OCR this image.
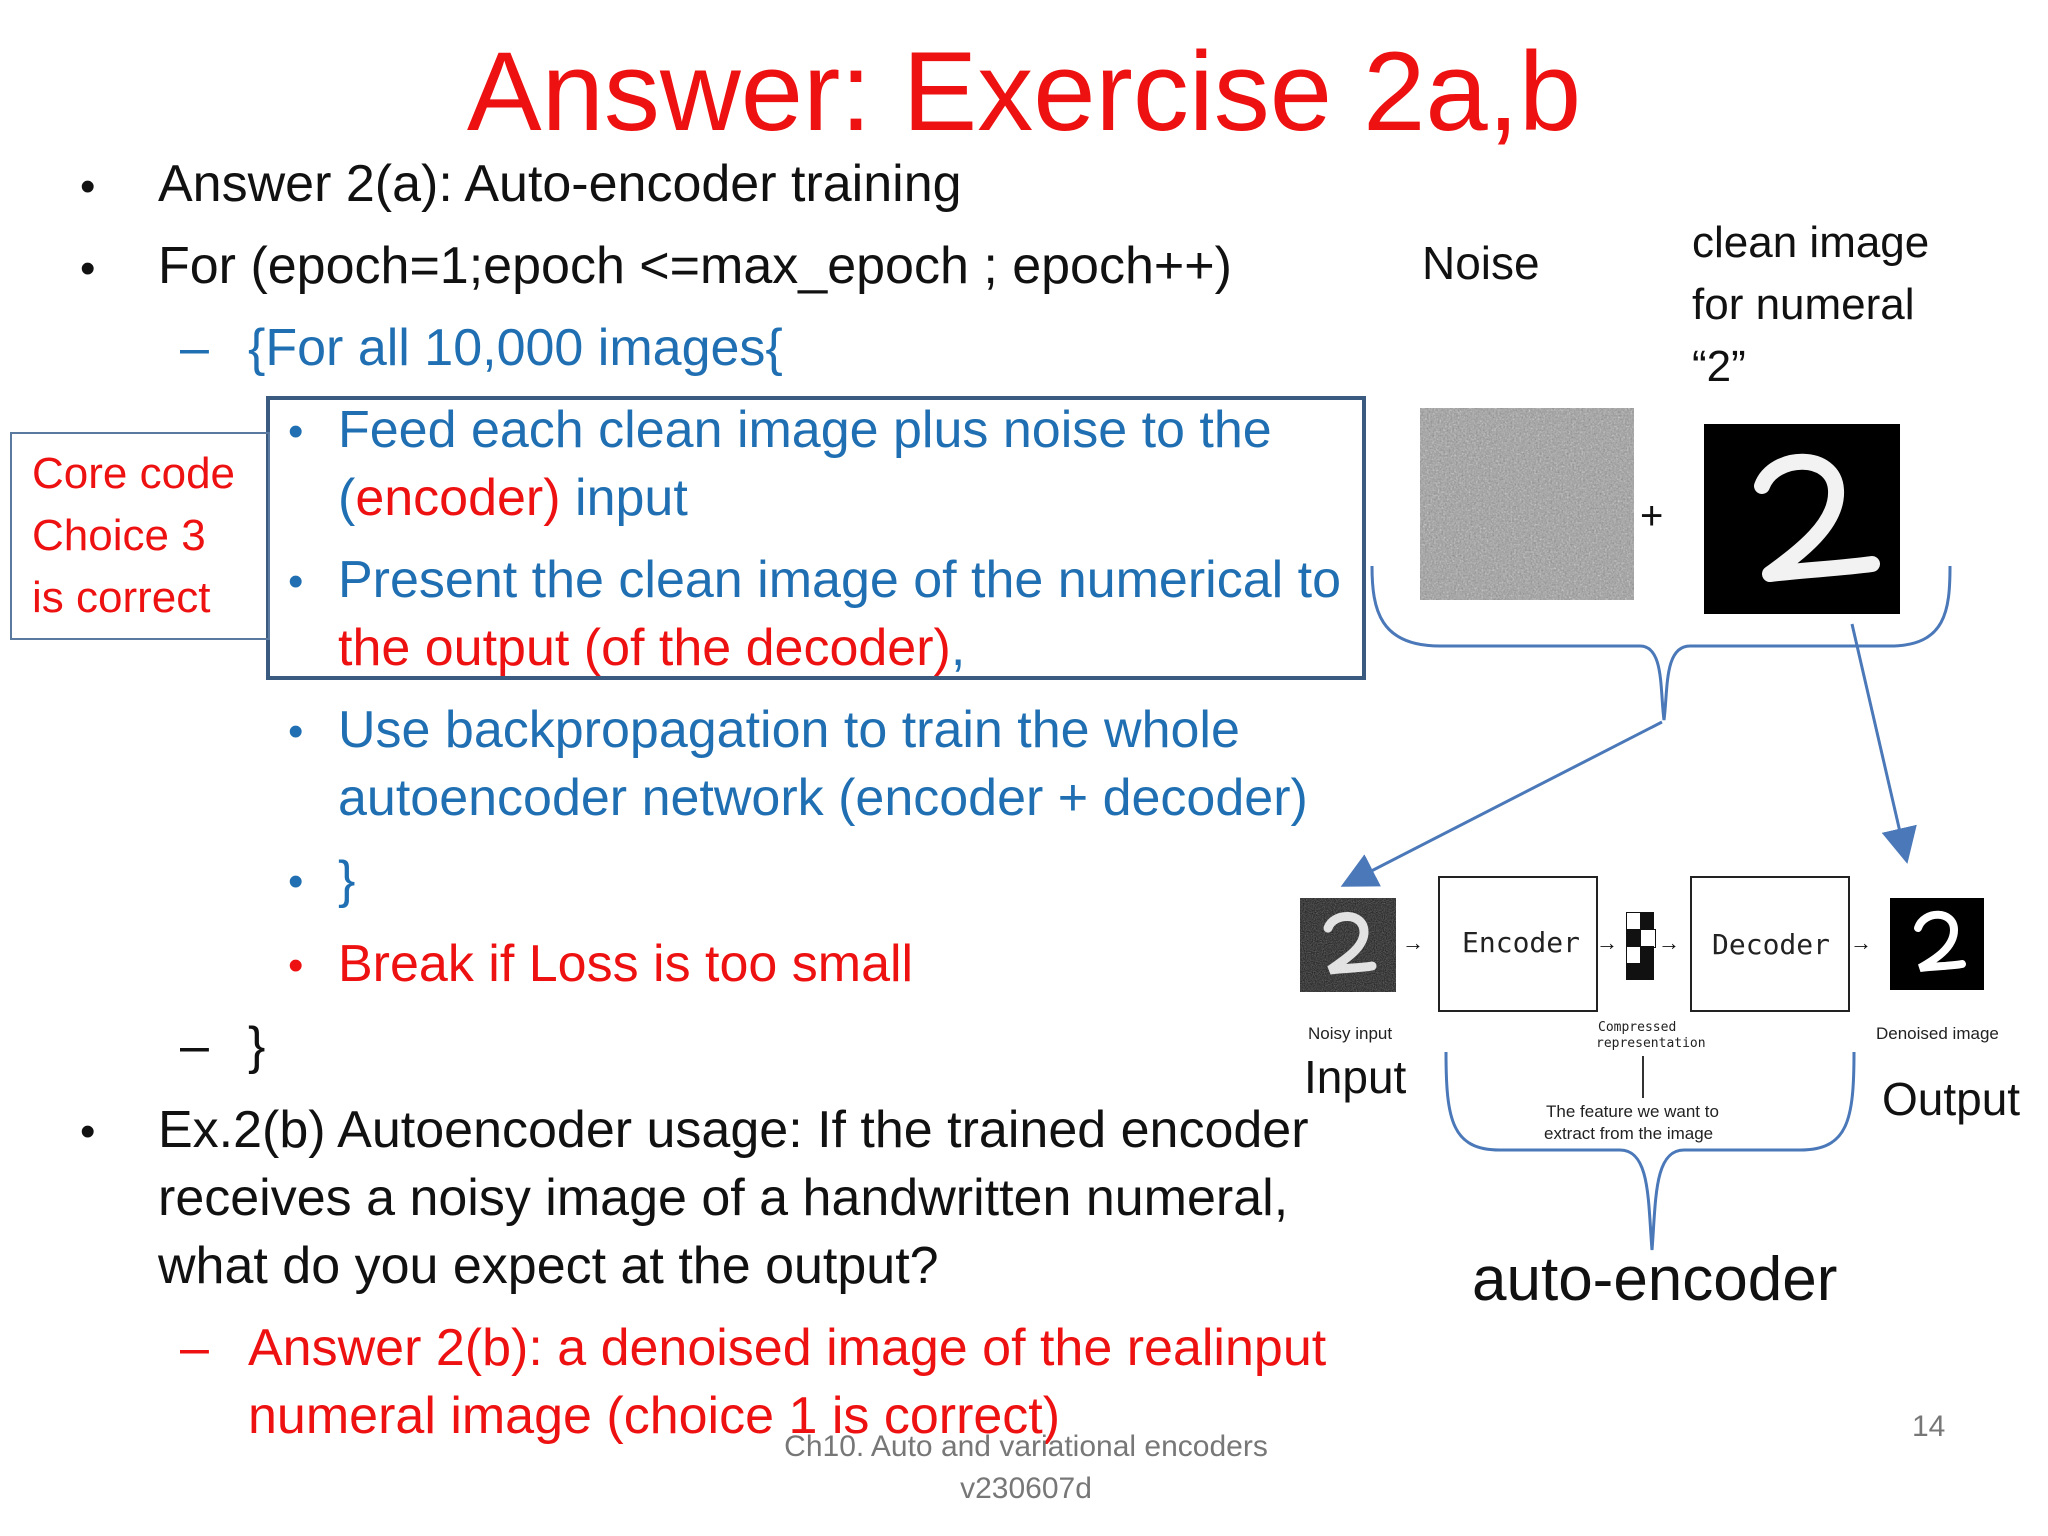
Answer: Exercise 2a,b
• Answer 2(a): Auto-encoder training
• For (epoch=1;epoch <=max_epoch ; epoch++)
– {For all 10,000 images{
• Feed each clean image plus noise to the
(encoder) input
• Present the clean image of the numerical to
the output (of the decoder),
• Use backpropagation to train the whole
autoencoder network (encoder + decoder)
• }
• Break if Loss is too small
– }
• Ex.2(b) Autoencoder usage: If the trained encoder
receives a noisy image of a handwritten numeral,
what do you expect at the output?
– Answer 2(b): a denoised image of the realinput
numeral image (choice 1 is correct)
Core code
Choice 3
is correct
Noise	clean image
for numeral
“2”
+
→ Encoder → → Decoder →
Noisy input	Compressed
representation
Denoised image
The feature we want to
extract from the image
Input	Output
auto-encoder
Ch10. Auto and variational encoders
v230607d
14
